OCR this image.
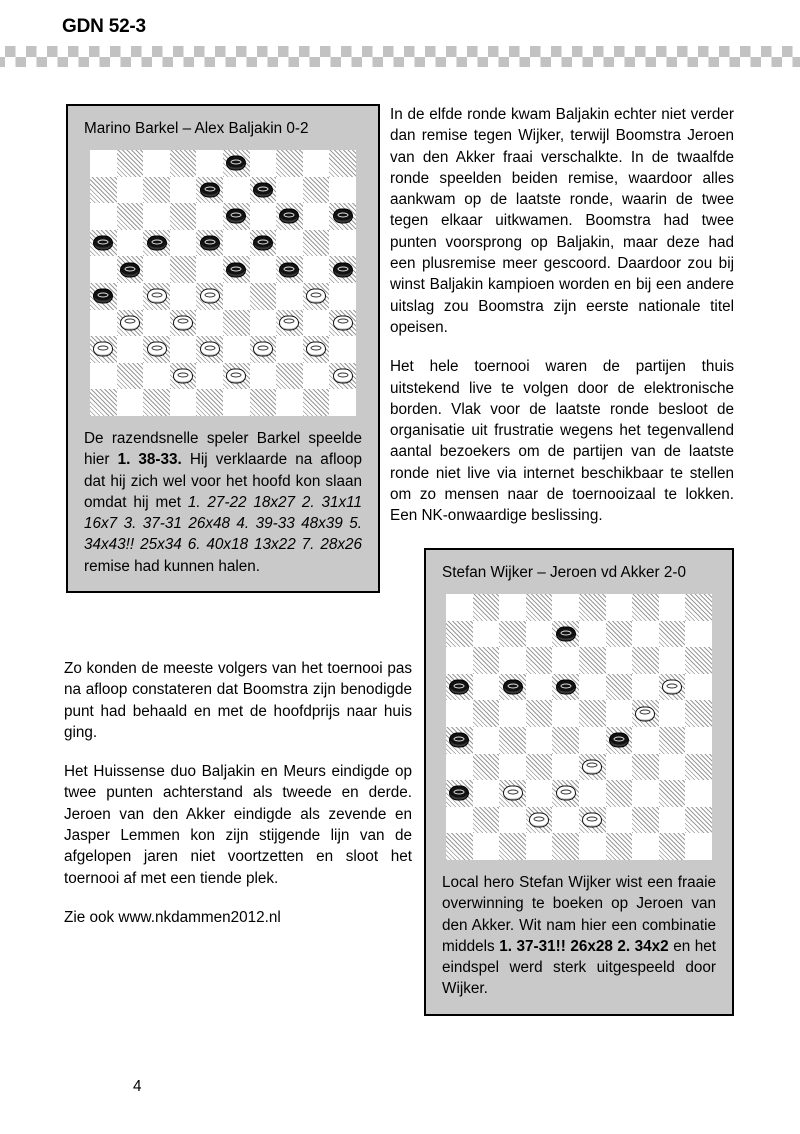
GDN 52-3
Marino Barkel – Alex Baljakin 0-2
De razendsnelle speler Barkel speelde hier 1. 38-33. Hij verklaarde na afloop dat hij zich wel voor het hoofd kon slaan omdat hij met 1. 27-22 18x27 2. 31x11 16x7 3. 37-31 26x48 4. 39-33 48x39 5. 34x43!! 25x34 6. 40x18 13x22 7. 28x26 remise had kunnen halen.

In de elfde ronde kwam Baljakin echter niet verder dan remise tegen Wijker, terwijl Boomstra Jeroen van den Akker fraai verschalkte. In de twaalfde ronde speelden beiden remise, waardoor alles aankwam op de laatste ronde, waarin de twee tegen elkaar uitkwamen. Boomstra had twee punten voorsprong op Baljakin, maar deze had een plusremise meer gescoord. Daardoor zou bij winst Baljakin kampioen worden en bij een andere uitslag zou Boomstra zijn eerste nationale titel opeisen.

Het hele toernooi waren de partijen thuis uitstekend live te volgen door de elektronische borden. Vlak voor de laatste ronde besloot de organisatie uit frustratie wegens het tegenvallend aantal bezoekers om de partijen van de laatste ronde niet live via internet beschikbaar te stellen om zo mensen naar de toernooizaal te lokken. Een NK-onwaardige beslissing.

Zo konden de meeste volgers van het toernooi pas na afloop constateren dat Boomstra zijn benodigde punt had behaald en met de hoofdprijs naar huis ging.

Het Huissense duo Baljakin en Meurs eindigde op twee punten achterstand als tweede en derde. Jeroen van den Akker eindigde als zevende en Jasper Lemmen kon zijn stijgende lijn van de afgelopen jaren niet voortzetten en sloot het toernooi af met een tiende plek.

Zie ook www.nkdammen2012.nl

Stefan Wijker – Jeroen vd Akker 2-0
Local hero Stefan Wijker wist een fraaie overwinning te boeken op Jeroen van den Akker. Wit nam hier een combinatie middels 1. 37-31!! 26x28 2. 34x2 en het eindspel werd sterk uitgespeeld door Wijker.
4
